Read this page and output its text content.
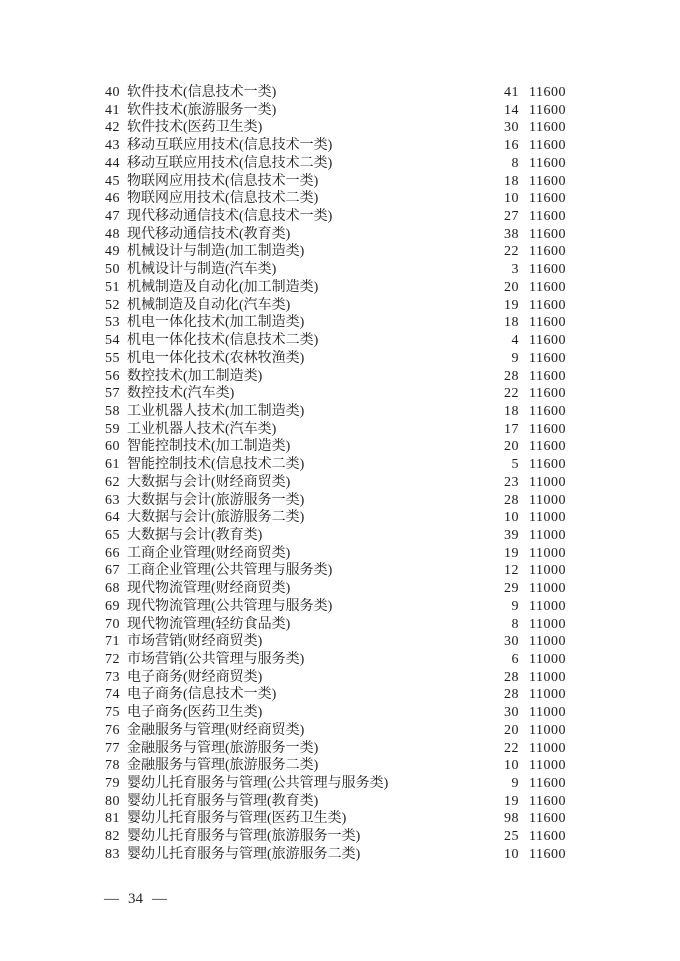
40 软件技术(信息技术一类)	41 11600
41 软件技术(旅游服务一类)	14 11600
42 软件技术(医药卫生类)	30 11600
43 移动互联应用技术(信息技术一类)	16 11600
44 移动互联应用技术(信息技术二类)	8 11600
45 物联网应用技术(信息技术一类)	18 11600
46 物联网应用技术(信息技术二类)	10 11600
47 现代移动通信技术(信息技术一类)	27 11600
48 现代移动通信技术(教育类)	38 11600
49 机械设计与制造(加工制造类)	22 11600
50 机械设计与制造(汽车类)	3 11600
51 机械制造及自动化(加工制造类)	20 11600
52 机械制造及自动化(汽车类)	19 11600
53 机电一体化技术(加工制造类)	18 11600
54 机电一体化技术(信息技术二类)	4 11600
55 机电一体化技术(农林牧渔类)	9 11600
56 数控技术(加工制造类)	28 11600
57 数控技术(汽车类)	22 11600
58 工业机器人技术(加工制造类)	18 11600
59 工业机器人技术(汽车类)	17 11600
60 智能控制技术(加工制造类)	20 11600
61 智能控制技术(信息技术二类)	5 11600
62 大数据与会计(财经商贸类)	23 11000
63 大数据与会计(旅游服务一类)	28 11000
64 大数据与会计(旅游服务二类)	10 11000
65 大数据与会计(教育类)	39 11000
66 工商企业管理(财经商贸类)	19 11000
67 工商企业管理(公共管理与服务类)	12 11000
68 现代物流管理(财经商贸类)	29 11000
69 现代物流管理(公共管理与服务类)	9 11000
70 现代物流管理(轻纺食品类)	8 11000
71 市场营销(财经商贸类)	30 11000
72 市场营销(公共管理与服务类)	6 11000
73 电子商务(财经商贸类)	28 11000
74 电子商务(信息技术一类)	28 11000
75 电子商务(医药卫生类)	30 11000
76 金融服务与管理(财经商贸类)	20 11000
77 金融服务与管理(旅游服务一类)	22 11000
78 金融服务与管理(旅游服务二类)	10 11000
79 婴幼儿托育服务与管理(公共管理与服务类)	9 11600
80 婴幼儿托育服务与管理(教育类)	19 11600
81 婴幼儿托育服务与管理(医药卫生类)	98 11600
82 婴幼儿托育服务与管理(旅游服务一类)	25 11600
83 婴幼儿托育服务与管理(旅游服务二类)	10 11600
— 34 —
